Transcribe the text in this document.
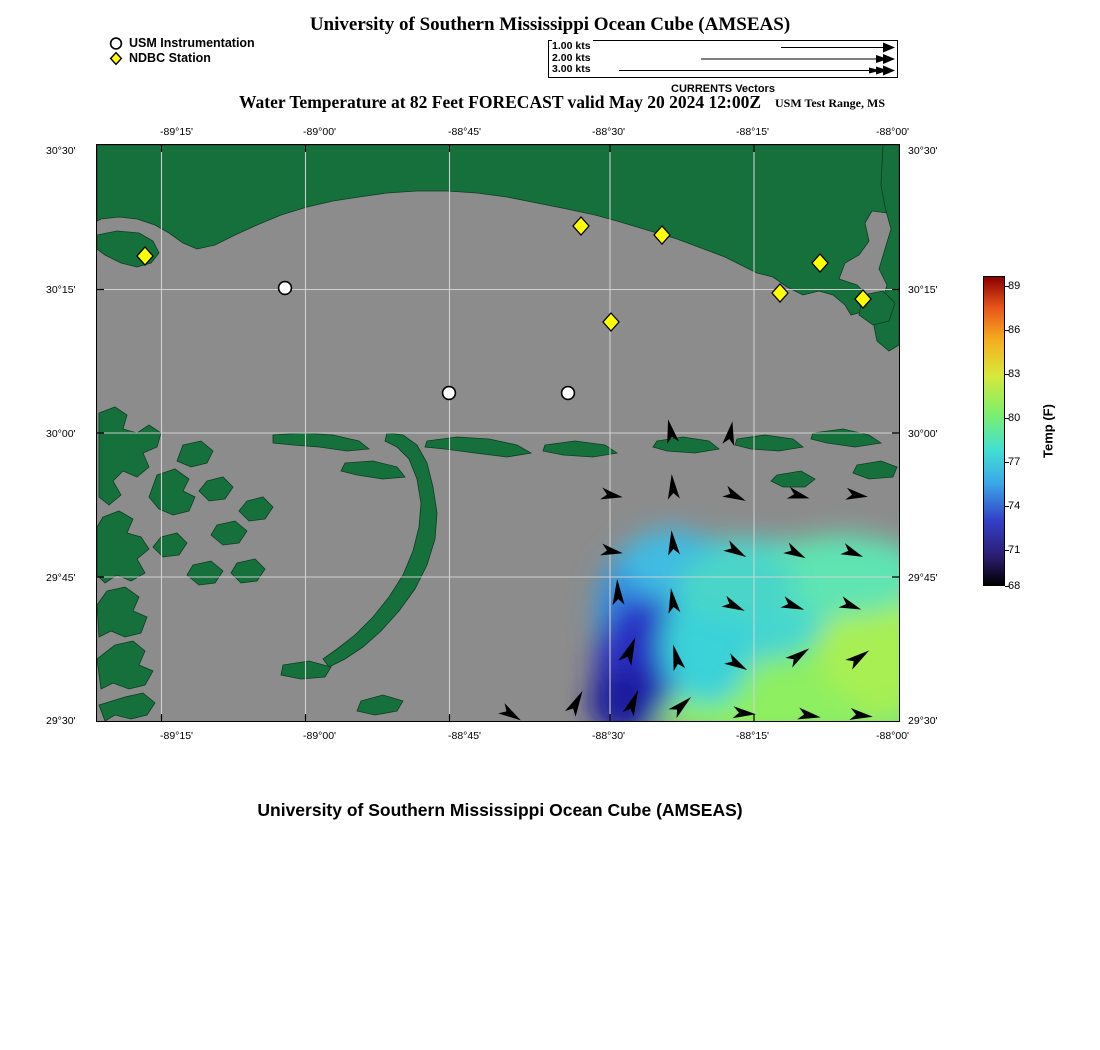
University of Southern Mississippi Ocean Cube (AMSEAS)
Water Temperature at 82 Feet FORECAST valid May 20 2024 12:00Z	USM Test Range, MS
University of Southern Mississippi Ocean Cube (AMSEAS)
USM Instrumentation
NDBC Station
1.00 kts
2.00 kts
3.00 kts
CURRENTS Vectors
30°30'
30°15'
30°00'
29°45'
29°30'
30°30'
30°15'
30°00'
29°45'
29°30'
-89°15'	-89°00'	-88°45'	-88°30'	-88°15'	-88°00'
-89°15'	-89°00'	-88°45'	-88°30'	-88°15'	-88°00'
89
86
83
80
77
74
71
68
Temp (F)
